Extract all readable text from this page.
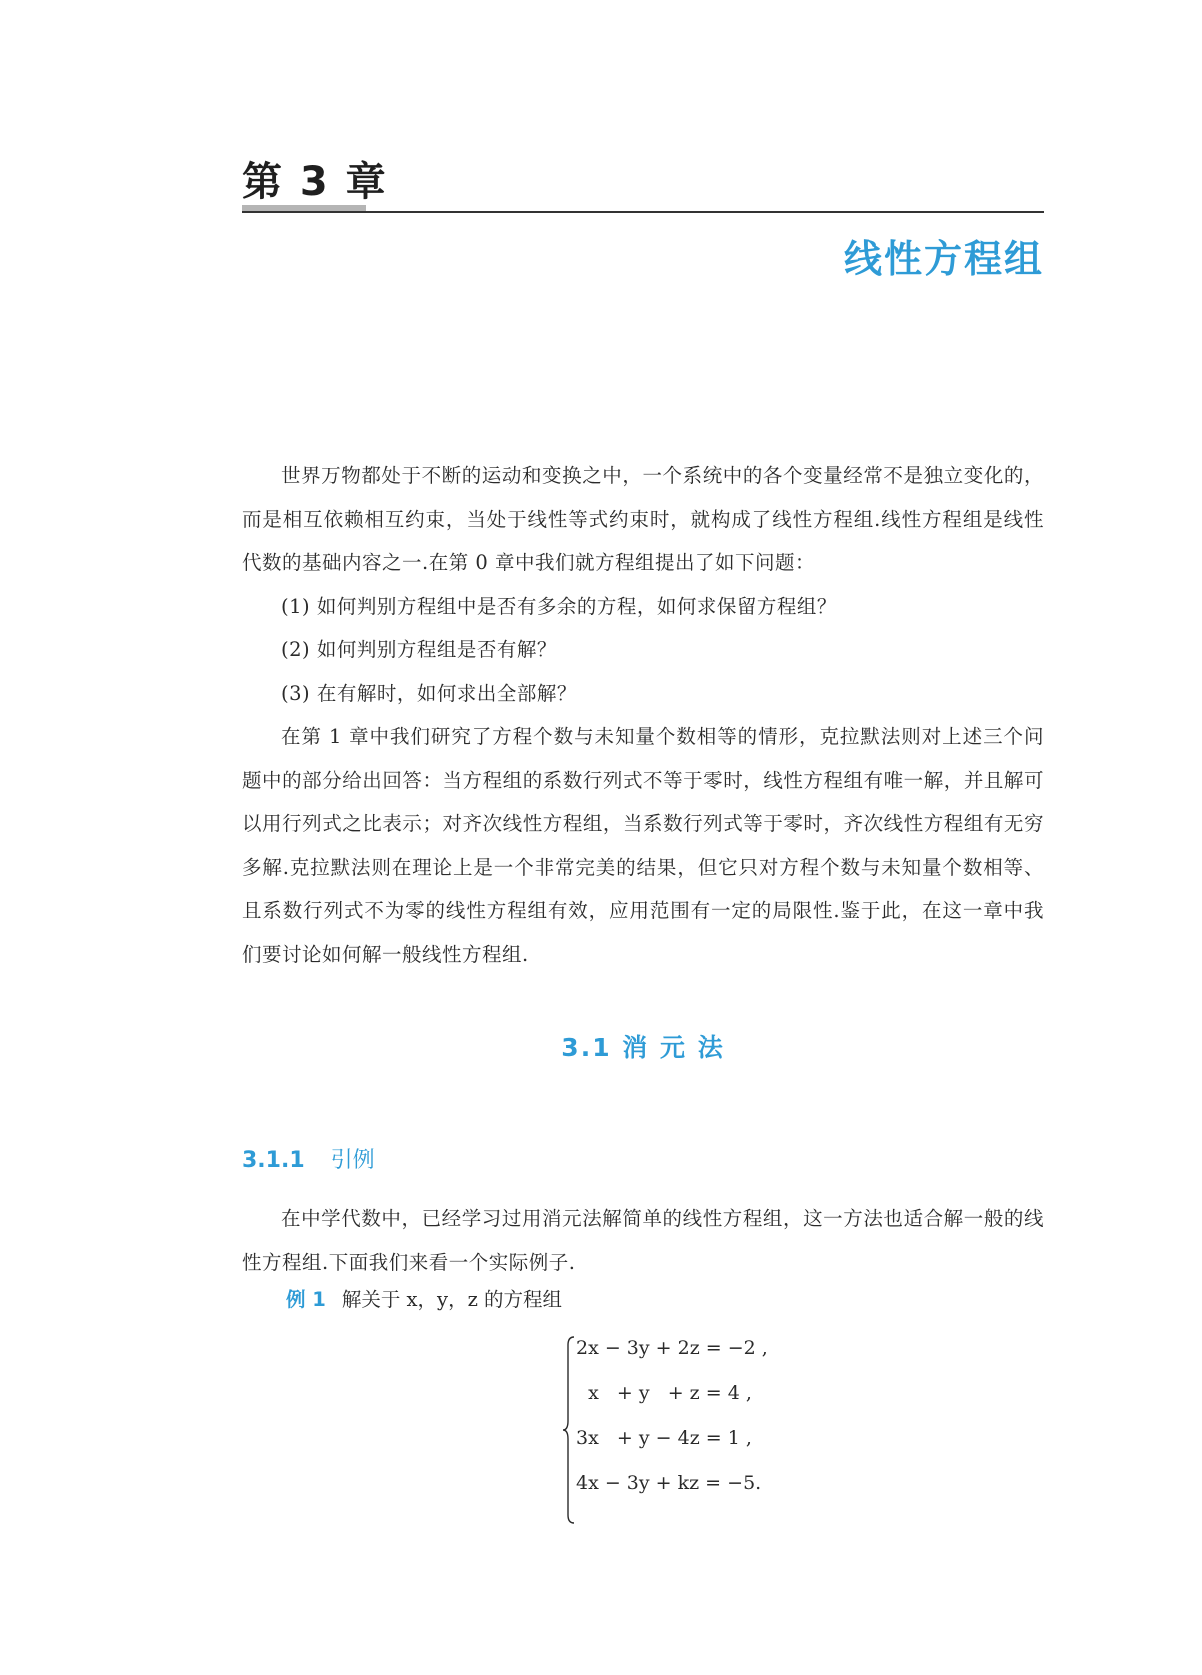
第 3 章
线性方程组

世界万物都处于不断的运动和变换之中，一个系统中的各个变量经常不是独立变化的，而是相互依赖相互约束，当处于线性等式约束时，就构成了线性方程组.线性方程组是线性代数的基础内容之一.在第 0 章中我们就方程组提出了如下问题：

(1) 如何判别方程组中是否有多余的方程，如何求保留方程组？

(2) 如何判别方程组是否有解？

(3) 在有解时，如何求出全部解？

在第 1 章中我们研究了方程个数与未知量个数相等的情形，克拉默法则对上述三个问题中的部分给出回答：当方程组的系数行列式不等于零时，线性方程组有唯一解，并且解可以用行列式之比表示；对齐次线性方程组，当系数行列式等于零时，齐次线性方程组有无穷多解.克拉默法则在理论上是一个非常完美的结果，但它只对方程个数与未知量个数相等、且系数行列式不为零的线性方程组有效，应用范围有一定的局限性.鉴于此，在这一章中我们要讨论如何解一般线性方程组.

3.1 消 元 法
3.1.1 引例

在中学代数中，已经学习过用消元法解简单的线性方程组，这一方法也适合解一般的线性方程组.下面我们来看一个实际例子.

例 1 解关于 x，y，z 的方程组
2x − 3y + 2z = −2 ,
x   + y   + z = 4 ,
3x   + y − 4z = 1 ,
4x − 3y + kz = −5.
